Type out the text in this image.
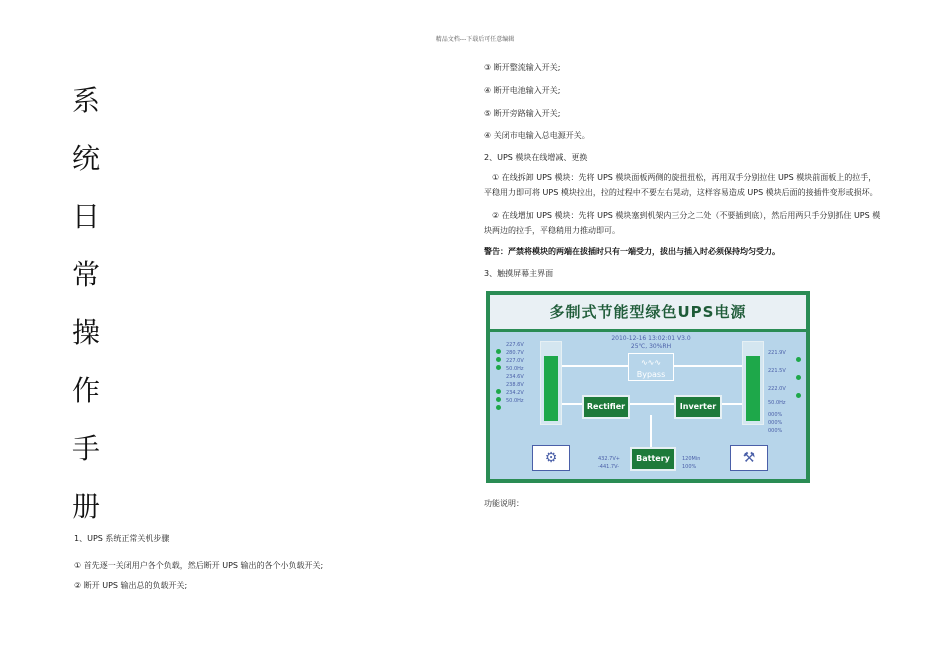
精品文档---下载后可任意编辑
系
统
日
常
操
作
手
册

1、UPS 系统正常关机步骤

① 首先逐一关闭用户各个负载，然后断开 UPS 输出的各个小负载开关;

② 断开 UPS 输出总的负载开关;

③ 断开整流输入开关;

④ 断开电池输入开关;

⑤ 断开旁路输入开关;

④ 关闭市电输入总电源开关。

2、UPS 模块在线增减、更换

① 在线拆卸 UPS 模块：先将 UPS 模块面板两侧的旋扭扭松，再用双手分别拉住 UPS 模块前面板上的拉手，平稳用力即可将 UPS 模块拉出，拉的过程中不要左右晃动，这样容易造成 UPS 模块后面的接插件变形或损坏。

② 在线增加 UPS 模块：先将 UPS 模块塞到机架内三分之二处（不要插到底），然后用两只手分别抓住 UPS 模块两边的拉手，平稳稍用力推动即可。

警告：严禁将模块的两端在拔插时只有一端受力，拔出与插入时必须保持均匀受力。

3、触摸屏幕主界面

功能说明：

多制式节能型绿色UPS电源
2010-12-16 13:02:01 V3.0
25℃, 30%RH
∿∿∿
Bypass
227.6V
280.7V
227.0V
50.0Hz
234.6V
238.8V
234.2V
50.0Hz
221.9V
221.5V
222.0V
50.0Hz
000%
000%
000%
Rectifier	Inverter
Battery
432.7V+
-441.7V-
120Min
100%
⚙	⚒
